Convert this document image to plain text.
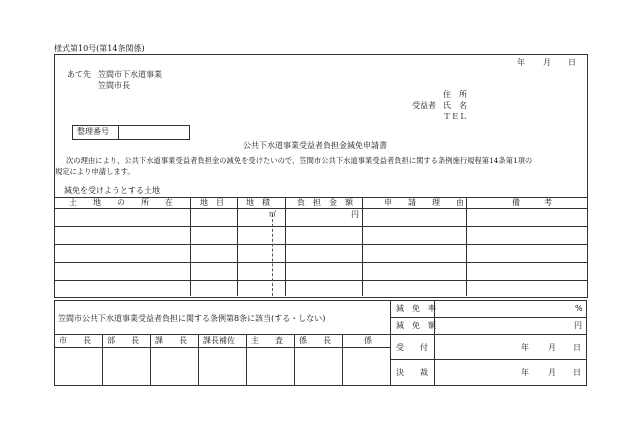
様式第10号(第14条関係)
年 月 日
あて先 笠間市下水道事業
笠間市長
住　所
受益者 氏　名
ＴＥＬ
整理番号
公共下水道事業受益者負担金減免申請書
次の理由により、公共下水道事業受益者負担金の減免を受けたいので、笠間市公共下水道事業受益者負担に関する条例施行規程第14条第1項の
規定により申請します。
減免を受けようとする土地
土　　地　　の　　所　　在	地　目	地　積	負　担　金　額	申　　請　　理　　由	備　　　考
㎡	円
笠間市公共下水道事業受益者負担に関する条例第8条に該当(する・しない)
市　　長 部　　長 課　　長 課長補佐 主　　査 係　　長	係
減　免　率	%
減　免　額	円
受　　付	年 月 日
決　　裁	年 月 日
